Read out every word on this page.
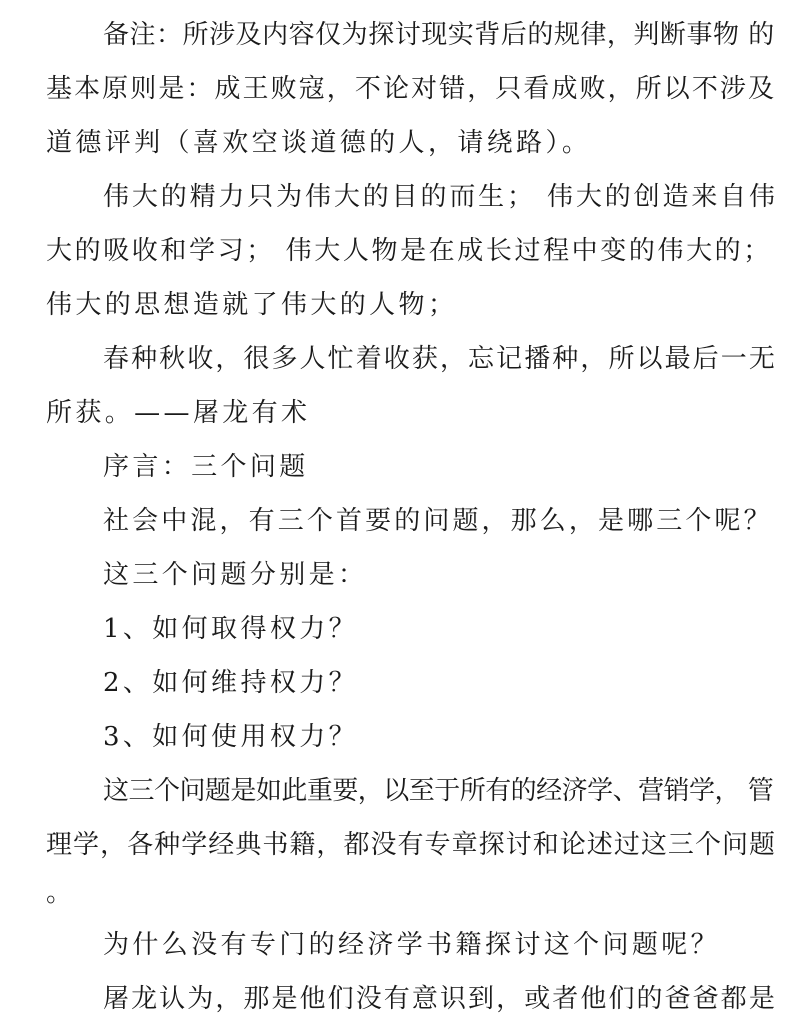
备注：所涉及内容仅为探讨现实背后的规律，判断事物 的

基本原则是：成王败寇，不论对错，只看成败，所以不涉及

道德评判（喜欢空谈道德的人，请绕路）。

伟大的精力只为伟大的目的而生； 伟大的创造来自伟

大的吸收和学习； 伟大人物是在成长过程中变的伟大的；

伟大的思想造就了伟大的人物；

春种秋收，很多人忙着收获，忘记播种，所以最后一无

所获。——屠龙有术

序言：三个问题

社会中混，有三个首要的问题，那么，是哪三个呢？

这三个问题分别是：

1、如何取得权力？

2、如何维持权力？

3、如何使用权力？

这三个问题是如此重要，以至于所有的经济学、营销学， 管

理学，各种学经典书籍，都没有专章探讨和论述过这三个问题

。

为什么没有专门的经济学书籍探讨这个问题呢？

屠龙认为，那是他们没有意识到，或者他们的爸爸都是
